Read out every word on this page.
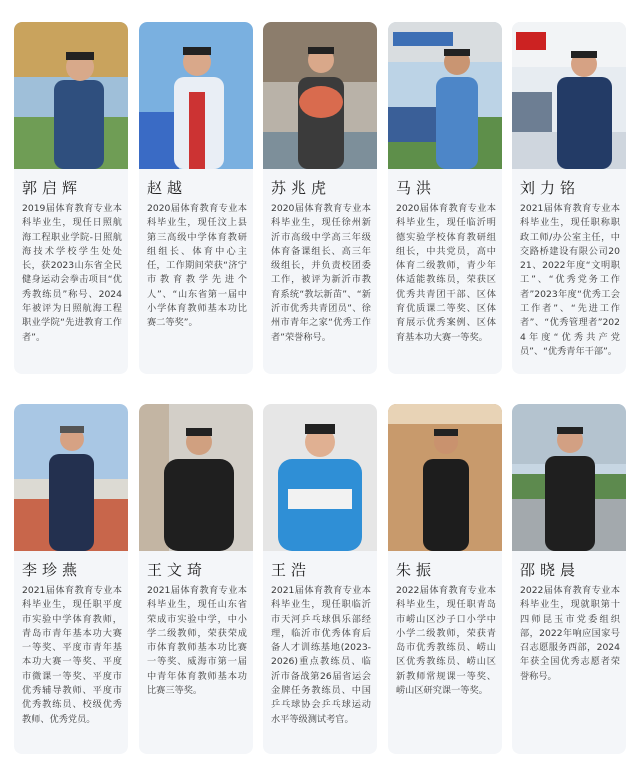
郭启辉
2019届体育教育专业本科毕业生，现任日照航海工程职业学院-日照航海技术学校学生处处长，获2023山东省全民健身运动会拳击项目“优秀教练员”称号、2024年被评为日照航海工程职业学院“先进教育工作者”。
赵越
2020届体育教育专业本科毕业生，现任汶上县第三高级中学体育教研组组长、体育中心主任，工作期间荣获“济宁市教育教学先进个人”、“山东省第一届中小学体育教师基本功比赛二等奖”。
苏兆虎
2020届体育教育专业本科毕业生，现任徐州新沂市高级中学高三年级体育备课组长、高三年级组长，并负责校团委工作，被评为新沂市教育系统“教坛新苗”、“新沂市优秀共青团员”、徐州市青年之家“优秀工作者”荣誉称号。
马洪
2020届体育教育专业本科毕业生，现任临沂明德实验学校体育教研组组长，中共党员，高中体育二级教师，青少年体适能教练员，荣获区优秀共青团干部、区体育优质课二等奖、区体育展示优秀案例、区体育基本功大赛一等奖。
刘力铭
2021届体育教育专业本科毕业生，现任职称职政工师/办公室主任，中交路桥建设有限公司2021、2022年度“文明职工”、“优秀党务工作者”2023年度“优秀工会工作者”、“先进工作者”、“优秀管理者”2024年度“优秀共产党员”、“优秀青年干部”。
李珍燕
2021届体育教育专业本科毕业生，现任职平度市实验中学体育教师，青岛市青年基本功大赛一等奖、平度市青年基本功大赛一等奖、平度市微课一等奖、平度市优秀辅导教师、平度市优秀教练员、校级优秀教师、优秀党员。
王文琦
2021届体育教育专业本科毕业生，现任山东省荣成市实验中学，中小学二级教师，荣获荣成市体育教师基本功比赛一等奖、威海市第一届中青年体育教师基本功比赛三等奖。
王浩
2021届体育教育专业本科毕业生，现任职临沂市天河乒乓球俱乐部经理，临沂市优秀体育后备人才训练基地(2023-2026)重点教练员、临沂市备战第26届省运会金牌任务教练员、中国乒乓球协会乒乓球运动水平等级测试考官。
朱振
2022届体育教育专业本科毕业生，现任职青岛市崂山区沙子口小学中小学二级教师，荣获青岛市优秀教练员、崂山区优秀教练员、崂山区新教师常规课一等奖、崂山区研究课一等奖。
邵晓晨
2022届体育教育专业本科毕业生，现就职第十四师昆玉市党委组织部，2022年响应国家号召志愿服务西部，2024年获全国优秀志愿者荣誉称号。
